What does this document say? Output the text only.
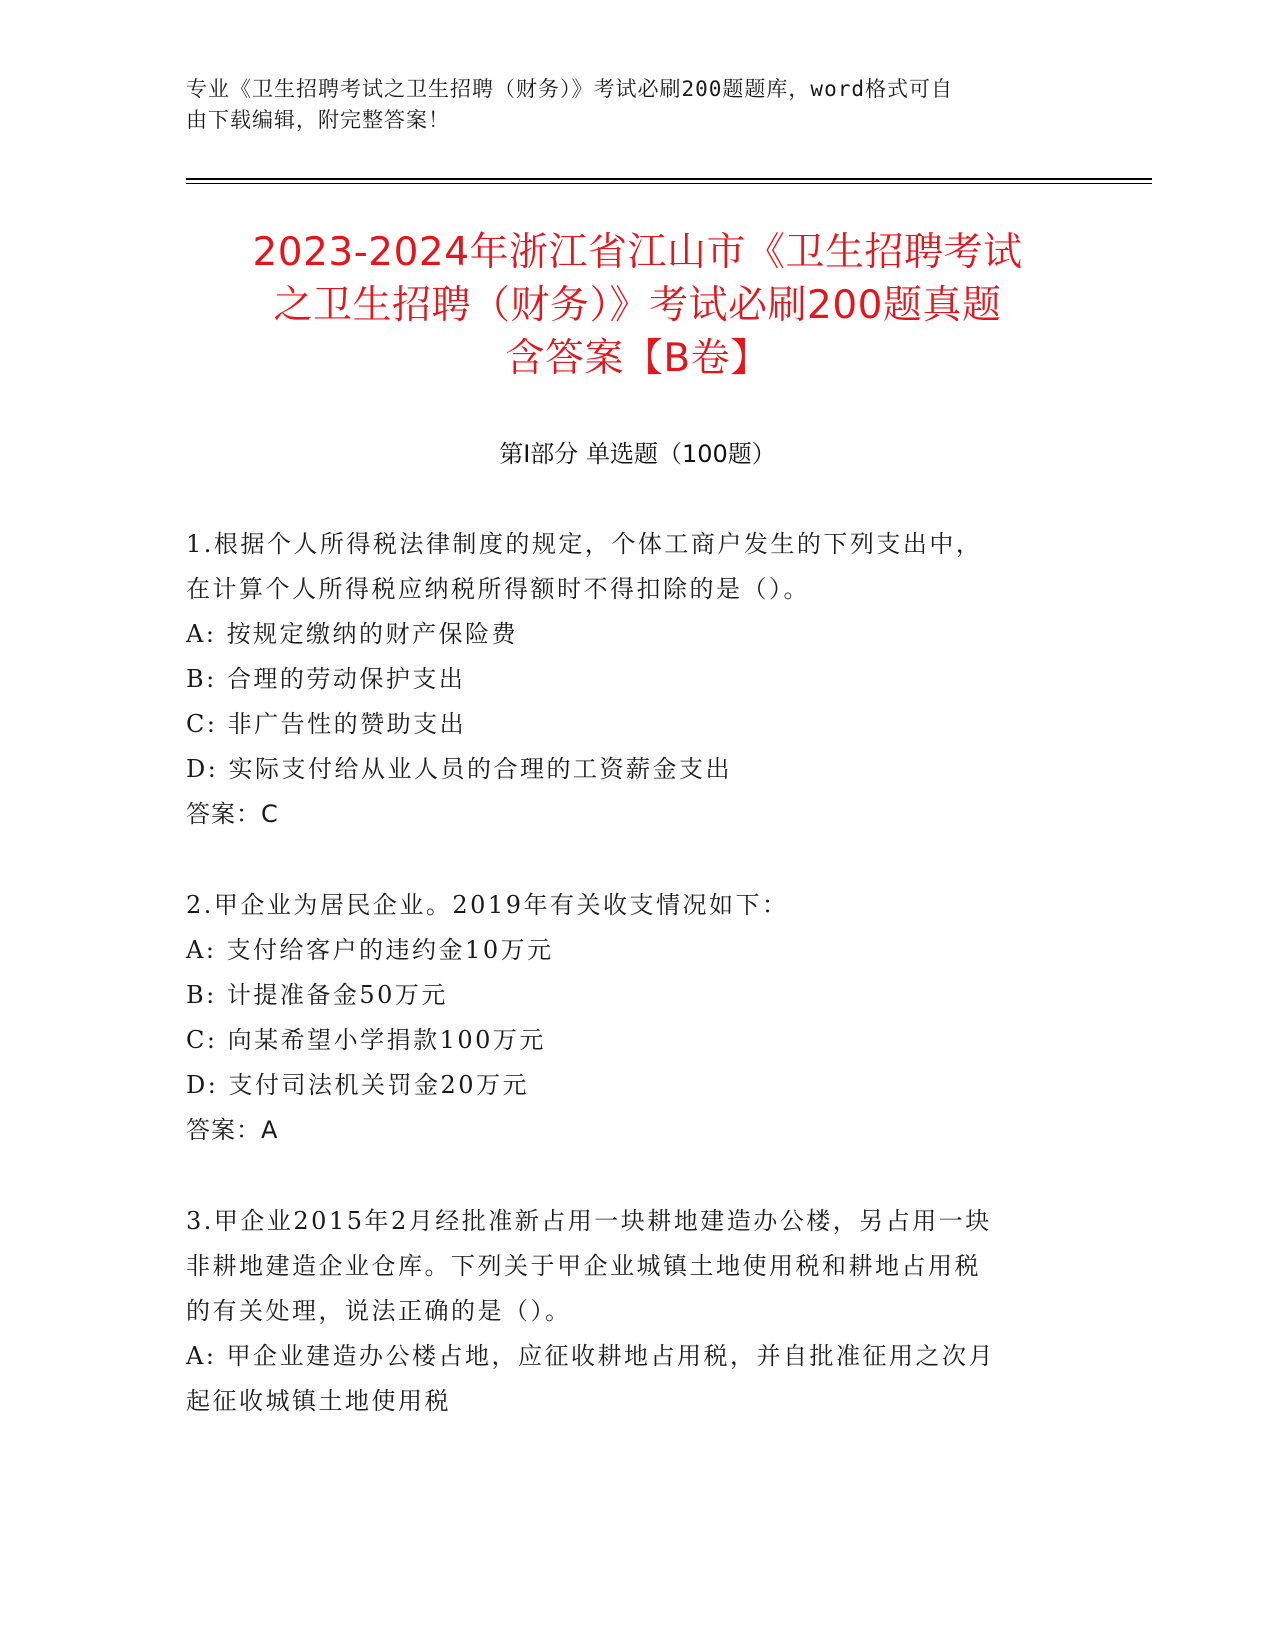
专业《卫生招聘考试之卫生招聘（财务）》考试必刷200题题库，word格式可自
由下载编辑，附完整答案！
2023-2024年浙江省江山市《卫生招聘考试
之卫生招聘（财务）》考试必刷200题真题
含答案【B卷】
第I部分 单选题（100题）

1.根据个人所得税法律制度的规定，个体工商户发生的下列支出中，

在计算个人所得税应纳税所得额时不得扣除的是（）。

A: 按规定缴纳的财产保险费

B: 合理的劳动保护支出

C: 非广告性的赞助支出

D: 实际支付给从业人员的合理的工资薪金支出

答案：C

2.甲企业为居民企业。2019年有关收支情况如下：

A: 支付给客户的违约金10万元

B: 计提准备金50万元

C: 向某希望小学捐款100万元

D: 支付司法机关罚金20万元

答案：A

3.甲企业2015年2月经批准新占用一块耕地建造办公楼，另占用一块

非耕地建造企业仓库。下列关于甲企业城镇土地使用税和耕地占用税

的有关处理，说法正确的是（）。

A: 甲企业建造办公楼占地，应征收耕地占用税，并自批准征用之次月

起征收城镇土地使用税
